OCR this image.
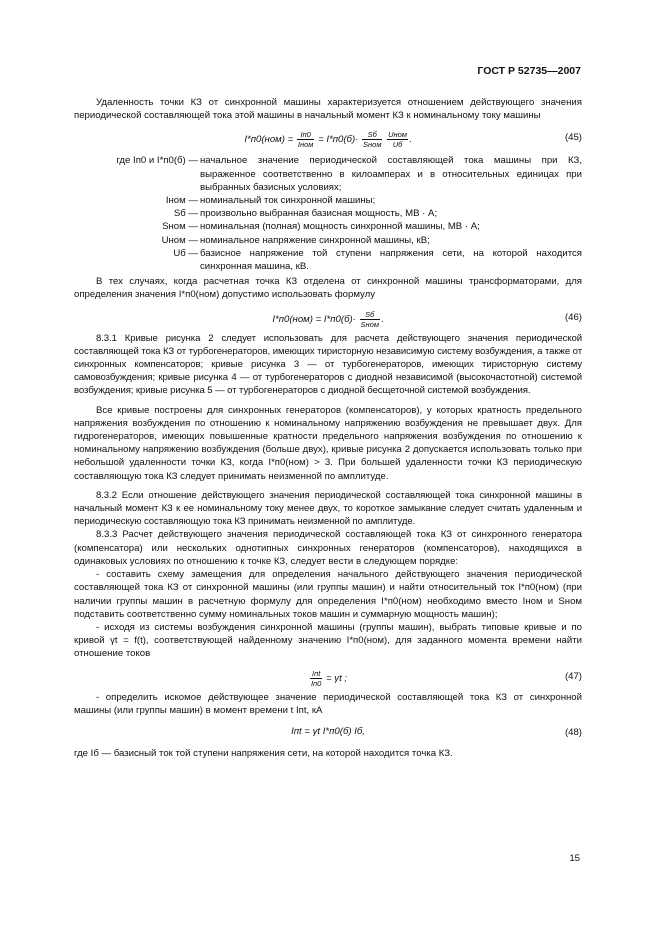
ГОСТ Р 52735—2007

Удаленность точки КЗ от синхронной машины характеризуется отношением действующего значения периодической составляющей тока этой машины в начальный момент КЗ к номинальному току машины

$I*п0(ном) = \frac{Iп0}{\text{Iном}} = I*п0(б)\cdot \frac{Sб}{\text{Sном}}$
$\frac{\text{Uном}}{Uб}$ .	(45)
где Iп0 и I*п0(б) — начальное значение периодической составляющей тока машины при КЗ, выраженное соответственно в килоамперах и в относительных единицах при выбранных базисных условиях;
Iном — номинальный ток синхронной машины;
Sб — произвольно выбранная базисная мощность, МВ · А;
Sном — номинальная (полная) мощность синхронной машины, МВ · А;
Uном — номинальное напряжение синхронной машины, кВ;
Uб — базисное напряжение той ступени напряжения сети, на которой находится синхронная машина, кВ.

В тех случаях, когда расчетная точка КЗ отделена от синхронной машины трансформаторами, для определения значения I*п0(ном) допустимо использовать формулу

$I*п0(ном) = I*п0(б)\cdot \frac{Sб}{\text{Sном}}$ .	(46)

8.3.1 Кривые рисунка 2 следует использовать для расчета действующего значения периодической составляющей тока КЗ от турбогенераторов, имеющих тиристорную независимую систему возбуждения, а также от синхронных компенсаторов; кривые рисунка 3 — от турбогенераторов, имеющих тиристорную систему самовозбуждения; кривые рисунка 4 — от турбогенераторов с диодной независимой (высокочастотной) системой возбуждения; кривые рисунка 5 — от турбогенераторов с диодной бесщеточной системой возбуждения.

Все кривые построены для синхронных генераторов (компенсаторов), у которых кратность предельного напряжения возбуждения по отношению к номинальному напряжению возбуждения не превышает двух. Для гидрогенераторов, имеющих повышенные кратности предельного напряжения возбуждения по отношению к номинальному напряжению возбуждения (больше двух), кривые рисунка 2 допускается использовать только при небольшой удаленности точки КЗ, когда I*п0(ном) > 3. При большей удаленности точки КЗ периодическую составляющую тока КЗ следует принимать неизменной по амплитуде.

8.3.2 Если отношение действующего значения периодической составляющей тока синхронной машины в начальный момент КЗ к ее номинальному току менее двух, то короткое замыкание следует считать удаленным и периодическую составляющую тока КЗ принимать неизменной по амплитуде.

8.3.3 Расчет действующего значения периодической составляющей тока КЗ от синхронного генератора (компенсатора) или нескольких однотипных синхронных генераторов (компенсаторов), находящихся в одинаковых условиях по отношению к точке КЗ, следует вести в следующем порядке:

- составить схему замещения для определения начального действующего значения периодической составляющей тока КЗ от синхронной машины (или группы машин) и найти относительный ток I*п0(ном) (при наличии группы машин в расчетную формулу для определения I*п0(ном) необходимо вместо Iном и Sном подставить соответственно сумму номинальных токов машин и суммарную мощность машин);

- исходя из системы возбуждения синхронной машины (группы машин), выбрать типовые кривые и по кривой γt = f(t), соответствующей найденному значению I*п0(ном), для заданного момента времени найти отношение токов

$\frac{\text{Iпt}}{Iп0} = \gamma t$ ;	(47)

- определить искомое действующее значение периодической составляющей тока КЗ от синхронной машины (или группы машин) в момент времени t Iпt, кА

Iпt = γt I*п0(б) Iб,	(48)

где Iб — базисный ток той ступени напряжения сети, на которой находится точка КЗ.

15
